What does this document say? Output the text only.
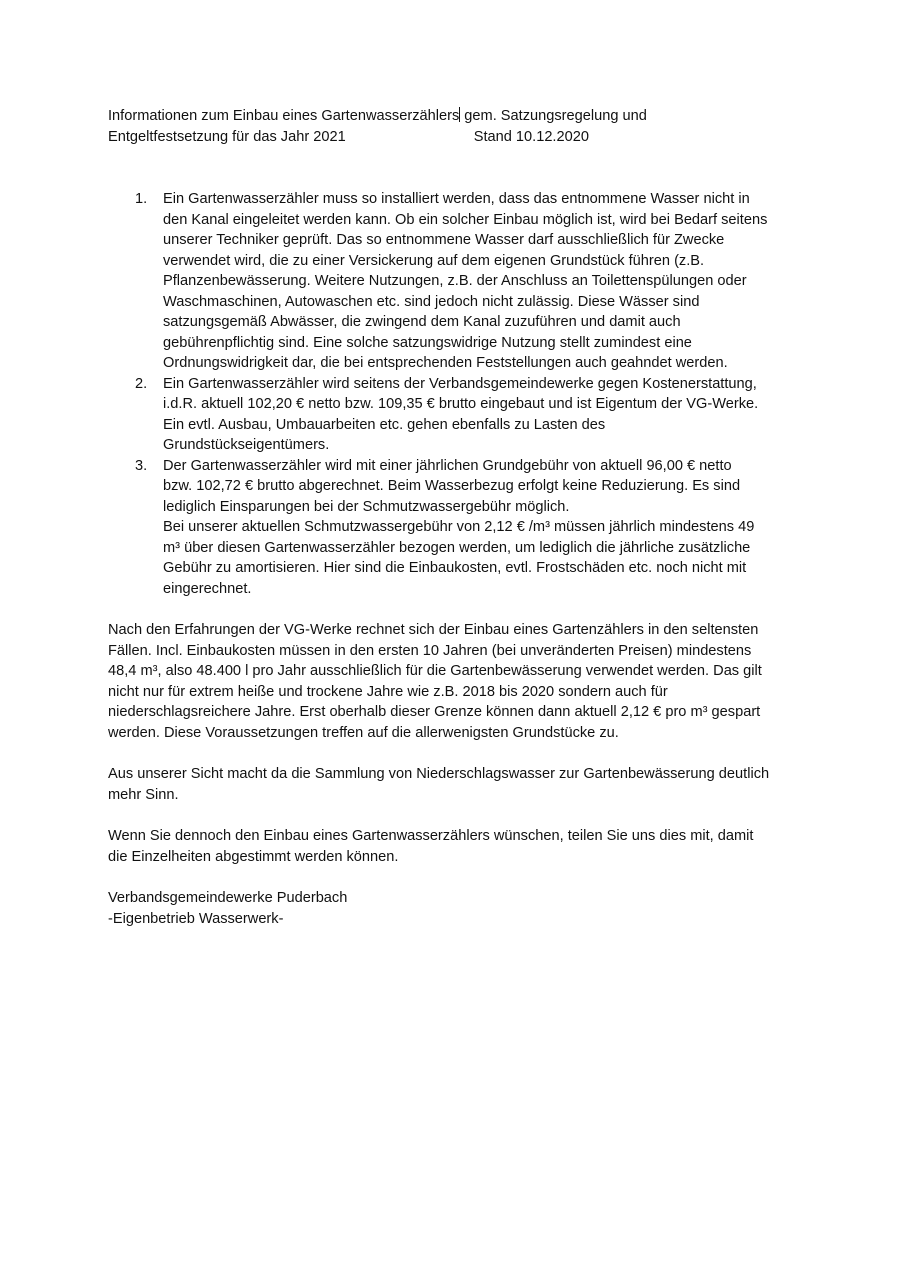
Informationen zum Einbau eines Gartenwasserzählers gem. Satzungsregelung und
Entgeltfestsetzung für das Jahr 2021	Stand 10.12.2020
1. Ein Gartenwasserzähler muss so installiert werden, dass das entnommene Wasser nicht in
den Kanal eingeleitet werden kann. Ob ein solcher Einbau möglich ist, wird bei Bedarf seitens
unserer Techniker geprüft. Das so entnommene Wasser darf ausschließlich für Zwecke
verwendet wird, die zu einer Versickerung auf dem eigenen Grundstück führen (z.B.
Pflanzenbewässerung. Weitere Nutzungen, z.B. der Anschluss an Toilettenspülungen oder
Waschmaschinen, Autowaschen etc. sind jedoch nicht zulässig. Diese Wässer sind
satzungsgemäß Abwässer, die zwingend dem Kanal zuzuführen und damit auch
gebührenpflichtig sind. Eine solche satzungswidrige Nutzung stellt zumindest eine
Ordnungswidrigkeit dar, die bei entsprechenden Feststellungen auch geahndet werden.
2. Ein Gartenwasserzähler wird seitens der Verbandsgemeindewerke gegen Kostenerstattung,
i.d.R. aktuell 102,20 € netto bzw. 109,35 € brutto eingebaut und ist Eigentum der VG-Werke.
Ein evtl. Ausbau, Umbauarbeiten etc. gehen ebenfalls zu Lasten des
Grundstückseigentümers.
3. Der Gartenwasserzähler wird mit einer jährlichen Grundgebühr von aktuell 96,00 € netto
bzw. 102,72 € brutto abgerechnet. Beim Wasserbezug erfolgt keine Reduzierung. Es sind
lediglich Einsparungen bei der Schmutzwassergebühr möglich.
Bei unserer aktuellen Schmutzwassergebühr von 2,12 € /m³ müssen jährlich mindestens 49
m³ über diesen Gartenwasserzähler bezogen werden, um lediglich die jährliche zusätzliche
Gebühr zu amortisieren. Hier sind die Einbaukosten, evtl. Frostschäden etc. noch nicht mit
eingerechnet.
Nach den Erfahrungen der VG-Werke rechnet sich der Einbau eines Gartenzählers in den seltensten
Fällen. Incl. Einbaukosten müssen in den ersten 10 Jahren (bei unveränderten Preisen) mindestens
48,4 m³, also 48.400 l pro Jahr ausschließlich für die Gartenbewässerung verwendet werden. Das gilt
nicht nur für extrem heiße und trockene Jahre wie z.B. 2018 bis 2020 sondern auch für
niederschlagsreichere Jahre. Erst oberhalb dieser Grenze können dann aktuell 2,12 € pro m³ gespart
werden. Diese Voraussetzungen treffen auf die allerwenigsten Grundstücke zu.
Aus unserer Sicht macht da die Sammlung von Niederschlagswasser zur Gartenbewässerung deutlich
mehr Sinn.
Wenn Sie dennoch den Einbau eines Gartenwasserzählers wünschen, teilen Sie uns dies mit, damit
die Einzelheiten abgestimmt werden können.
Verbandsgemeindewerke Puderbach
-Eigenbetrieb Wasserwerk-
